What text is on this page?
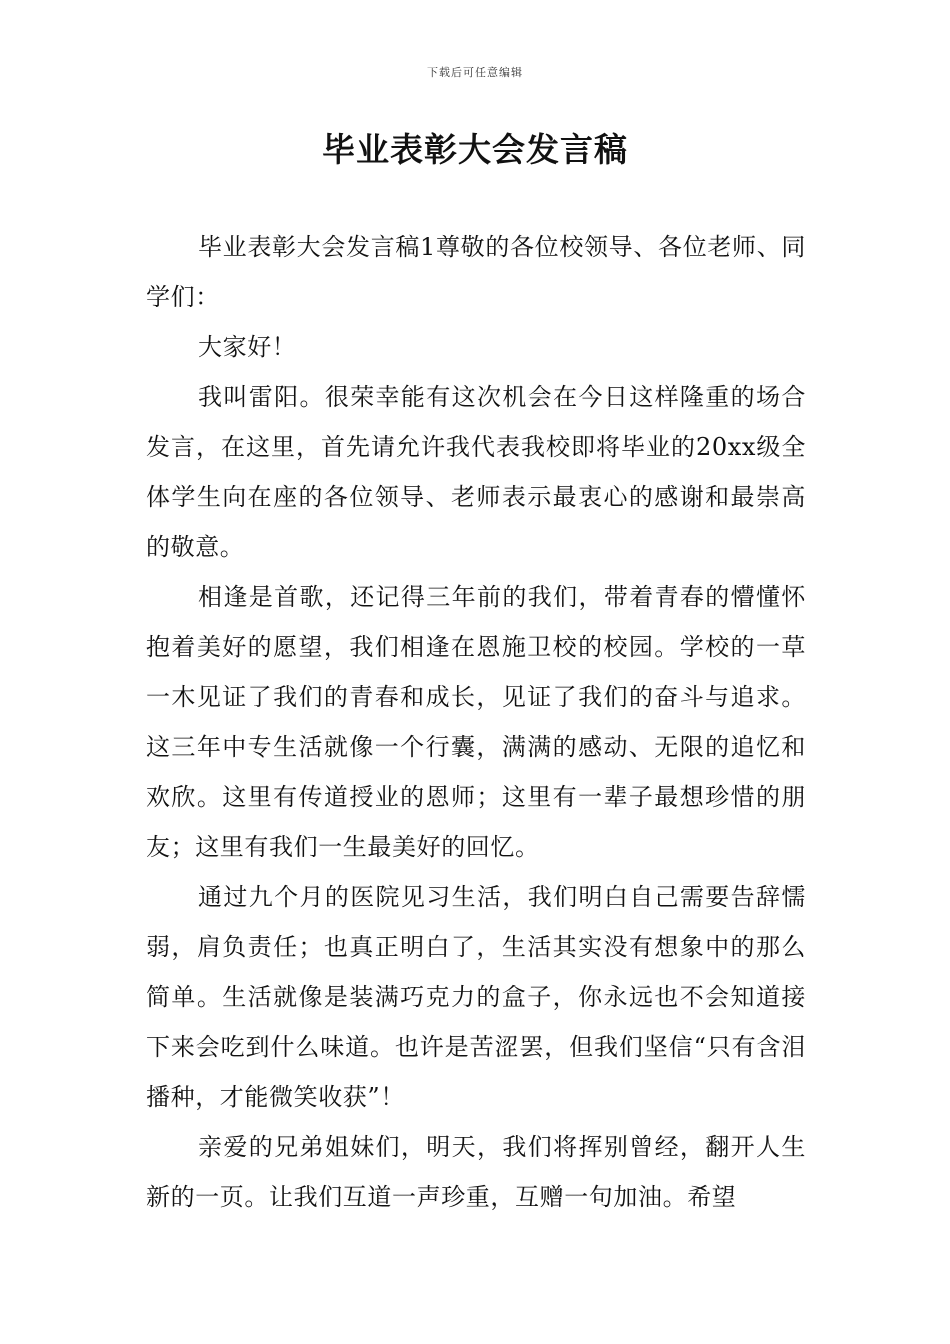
下载后可任意编辑
毕业表彰大会发言稿

毕业表彰大会发言稿1尊敬的各位校领导、各位老师、同学们：

大家好！

我叫雷阳。很荣幸能有这次机会在今日这样隆重的场合发言，在这里，首先请允许我代表我校即将毕业的20xx级全体学生向在座的各位领导、老师表示最衷心的感谢和最崇高的敬意。

相逢是首歌，还记得三年前的我们，带着青春的懵懂怀抱着美好的愿望，我们相逢在恩施卫校的校园。学校的一草一木见证了我们的青春和成长，见证了我们的奋斗与追求。这三年中专生活就像一个行囊，满满的感动、无限的追忆和欢欣。这里有传道授业的恩师；这里有一辈子最想珍惜的朋友；这里有我们一生最美好的回忆。

通过九个月的医院见习生活，我们明白自己需要告辞懦弱，肩负责任；也真正明白了，生活其实没有想象中的那么简单。生活就像是装满巧克力的盒子，你永远也不会知道接下来会吃到什么味道。也许是苦涩罢，但我们坚信“只有含泪播种，才能微笑收获”！

亲爱的兄弟姐妹们，明天，我们将挥别曾经，翻开人生新的一页。让我们互道一声珍重，互赠一句加油。希望
